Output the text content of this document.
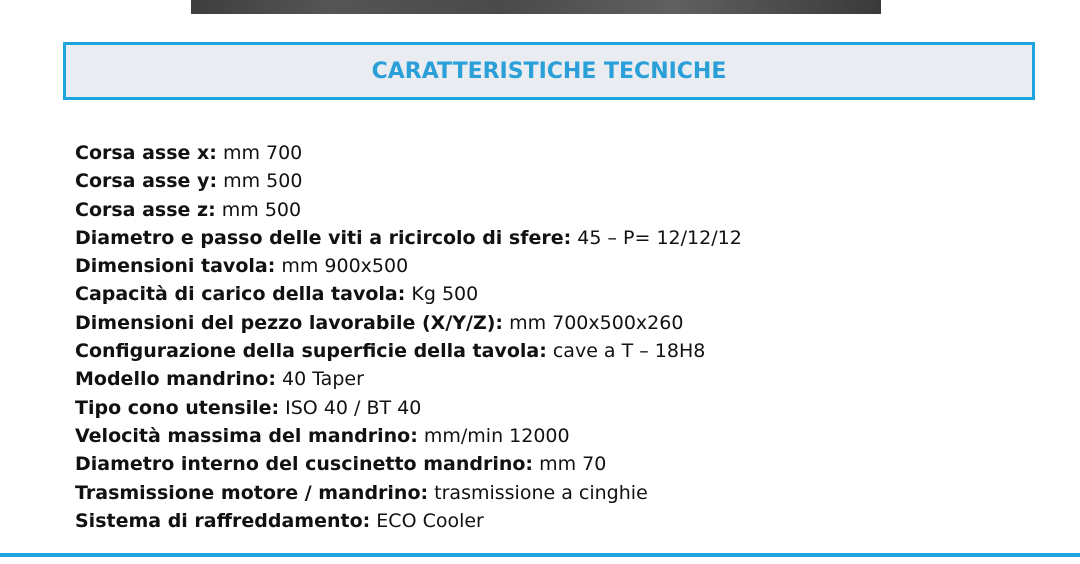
CARATTERISTICHE TECNICHE
Corsa asse x: mm 700
Corsa asse y: mm 500
Corsa asse z: mm 500
Diametro e passo delle viti a ricircolo di sfere: 45 – P= 12/12/12
Dimensioni tavola: mm 900x500
Capacità di carico della tavola: Kg 500
Dimensioni del pezzo lavorabile (X/Y/Z): mm 700x500x260
Configurazione della superficie della tavola: cave a T – 18H8
Modello mandrino: 40 Taper
Tipo cono utensile: ISO 40 / BT 40
Velocità massima del mandrino: mm/min 12000
Diametro interno del cuscinetto mandrino: mm 70
Trasmissione motore / mandrino: trasmissione a cinghie
Sistema di raffreddamento: ECO Cooler
